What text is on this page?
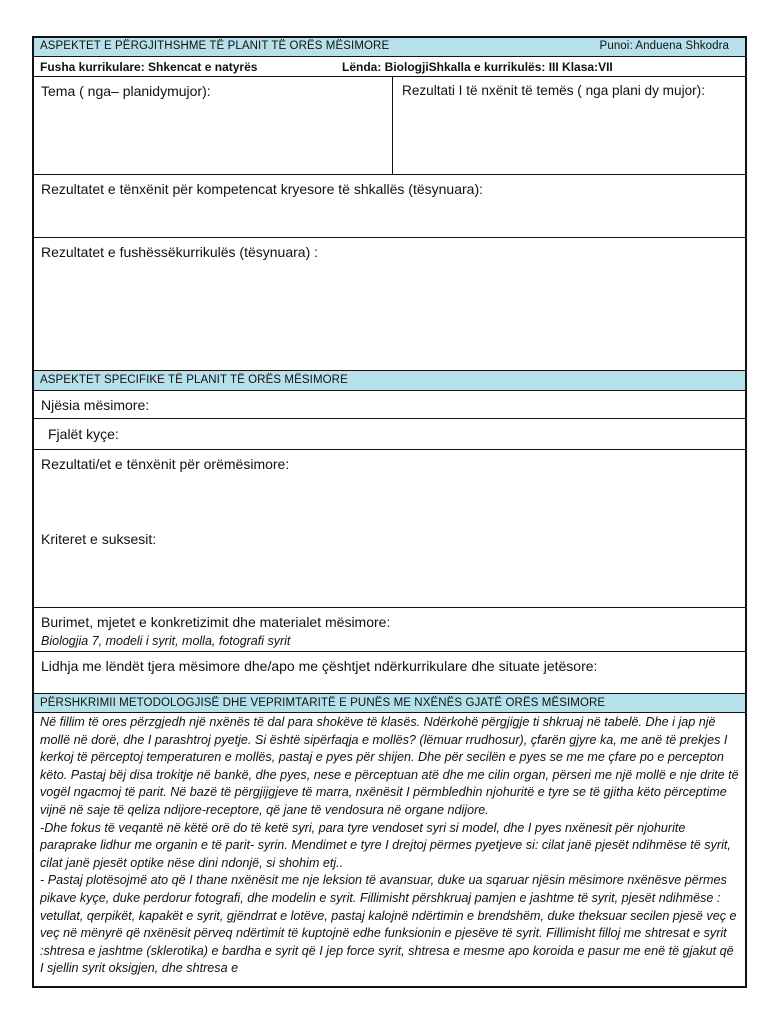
ASPEKTET E PËRGJITHSHME TË PLANIT TË ORËS MËSIMORE	Punoi: Anduena Shkodra
Fusha kurrikulare: Shkencat e natyrës	Lënda: BiologjiShkalla e kurrikulës: III Klasa:VII
Tema ( nga– planidymujor):	Rezultati I të nxënit të temës ( nga plani dy mujor):
Rezultatet e tënxënit për kompetencat kryesore të shkallës (tësynuara):
Rezultatet e fushëssëkurrikulës (tësynuara) :
ASPEKTET SPECIFIKE TË PLANIT TË ORËS MËSIMORE
Njësia mësimore:
Fjalët kyçe:
Rezultati/et e tënxënit për orëmësimore:
Kriteret e suksesit:
Burimet, mjetet e konkretizimit dhe materialet mësimore:
Biologjia 7, modeli i syrit, molla, fotografi syrit
Lidhja me lëndët tjera mësimore dhe/apo me çështjet ndërkurrikulare dhe situate jetësore:
PËRSHKRIMII METODOLOGJISË DHE VEPRIMTARITË E PUNËS ME NXËNËS GJATË ORËS MËSIMORE

Në fillim të ores përzgjedh një nxënës të dal para shokëve të klasës. Ndërkohë përgjigje ti shkruaj në tabelë. Dhe i jap një mollë në dorë, dhe I parashtroj pyetje. Si është sipërfaqja e mollës? (lëmuar rrudhosur), çfarën gjyre ka, me anë të prekjes I kerkoj të përceptoj temperaturen e mollës, pastaj e pyes për shijen. Dhe për secilën e pyes se me me çfare po e percepton këto. Pastaj bëj disa trokitje në bankë, dhe pyes, nese e përceptuan atë dhe me cilin organ, përseri me një mollë e nje drite të vogël ngacmoj të parit. Në bazë të përgjijgjeve të marra, nxënësit I përmbledhin njohuritë e tyre se të gjitha këto përceptime vijnë në saje të qeliza ndijore-receptore, që jane të vendosura në organe ndijore.

-Dhe fokus të veqantë në këtë orë do të ketë syri, para tyre vendoset syri si model, dhe I pyes nxënesit për njohurite paraprake lidhur me organin e të parit- syrin. Mendimet e tyre I drejtoj përmes pyetjeve si: cilat janë pjesët ndihmëse të syrit, cilat janë pjesët optike nëse dini ndonjë, si shohim etj..

- Pastaj plotësojmë ato që I thane nxënësit me nje leksion të avansuar, duke ua sqaruar njësin mësimore nxënësve përmes pikave kyçe, duke perdorur fotografi, dhe modelin e syrit. Fillimisht përshkruaj pamjen e jashtme të syrit, pjesët ndihmëse : vetullat, qerpikët, kapakët e syrit, gjëndrrat e lotëve, pastaj kalojnë ndërtimin e brendshëm, duke theksuar secilen pjesë veç e veç në mënyrë që nxënësit përveq ndërtimit të kuptojnë edhe funksionin e pjesëve të syrit. Fillimisht filloj me shtresat e syrit :shtresa e jashtme (sklerotika) e bardha e syrit që I jep force syrit, shtresa e mesme apo koroida e pasur me enë të gjakut që I sjellin syrit oksigjen, dhe shtresa e
